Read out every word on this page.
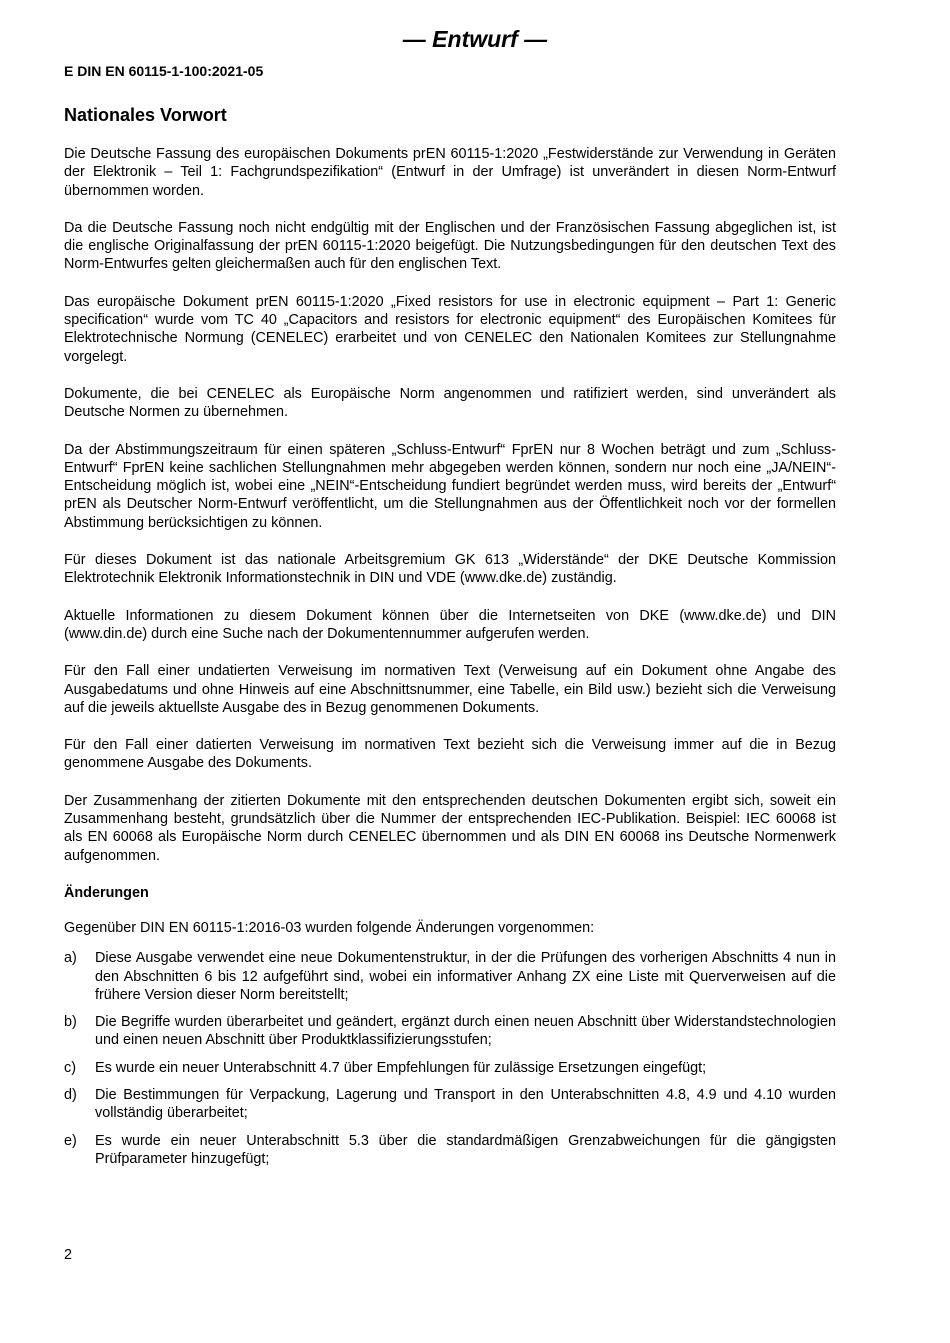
— Entwurf —
E DIN EN 60115-1-100:2021-05
Nationales Vorwort

Die Deutsche Fassung des europäischen Dokuments prEN 60115-1:2020 „Festwiderstände zur Verwendung in Geräten der Elektronik – Teil 1: Fachgrundspezifikation“ (Entwurf in der Umfrage) ist unverändert in diesen Norm-Entwurf übernommen worden.

Da die Deutsche Fassung noch nicht endgültig mit der Englischen und der Französischen Fassung abgeglichen ist, ist die englische Originalfassung der prEN 60115-1:2020 beigefügt. Die Nutzungsbedingungen für den deutschen Text des Norm-Entwurfes gelten gleichermaßen auch für den englischen Text.

Das europäische Dokument prEN 60115-1:2020 „Fixed resistors for use in electronic equipment – Part 1: Generic specification“ wurde vom TC 40 „Capacitors and resistors for electronic equipment“ des Europäischen Komitees für Elektrotechnische Normung (CENELEC) erarbeitet und von CENELEC den Nationalen Komitees zur Stellungnahme vorgelegt.

Dokumente, die bei CENELEC als Europäische Norm angenommen und ratifiziert werden, sind unverändert als Deutsche Normen zu übernehmen.

Da der Abstimmungszeitraum für einen späteren „Schluss-Entwurf“ FprEN nur 8 Wochen beträgt und zum „Schluss-Entwurf“ FprEN keine sachlichen Stellungnahmen mehr abgegeben werden können, sondern nur noch eine „JA/NEIN“-Entscheidung möglich ist, wobei eine „NEIN“-Entscheidung fundiert begründet werden muss, wird bereits der „Entwurf“ prEN als Deutscher Norm-Entwurf veröffentlicht, um die Stellungnahmen aus der Öffentlichkeit noch vor der formellen Abstimmung berücksichtigen zu können.

Für dieses Dokument ist das nationale Arbeitsgremium GK 613 „Widerstände“ der DKE Deutsche Kommission Elektrotechnik Elektronik Informationstechnik in DIN und VDE (www.dke.de) zuständig.

Aktuelle Informationen zu diesem Dokument können über die Internetseiten von DKE (www.dke.de) und DIN (www.din.de) durch eine Suche nach der Dokumentennummer aufgerufen werden.

Für den Fall einer undatierten Verweisung im normativen Text (Verweisung auf ein Dokument ohne Angabe des Ausgabedatums und ohne Hinweis auf eine Abschnittsnummer, eine Tabelle, ein Bild usw.) bezieht sich die Verweisung auf die jeweils aktuellste Ausgabe des in Bezug genommenen Dokuments.

Für den Fall einer datierten Verweisung im normativen Text bezieht sich die Verweisung immer auf die in Bezug genommene Ausgabe des Dokuments.

Der Zusammenhang der zitierten Dokumente mit den entsprechenden deutschen Dokumenten ergibt sich, soweit ein Zusammenhang besteht, grundsätzlich über die Nummer der entsprechenden IEC-Publikation. Beispiel: IEC 60068 ist als EN 60068 als Europäische Norm durch CENELEC übernommen und als DIN EN 60068 ins Deutsche Normenwerk aufgenommen.

Änderungen

Gegenüber DIN EN 60115-1:2016-03 wurden folgende Änderungen vorgenommen:

a)	Diese Ausgabe verwendet eine neue Dokumentenstruktur, in der die Prüfungen des vorherigen Abschnitts 4 nun in den Abschnitten 6 bis 12 aufgeführt sind, wobei ein informativer Anhang ZX eine Liste mit Querverweisen auf die frühere Version dieser Norm bereitstellt;
b)	Die Begriffe wurden überarbeitet und geändert, ergänzt durch einen neuen Abschnitt über Widerstandstechnologien und einen neuen Abschnitt über Produktklassifizierungsstufen;
c)	Es wurde ein neuer Unterabschnitt 4.7 über Empfehlungen für zulässige Ersetzungen eingefügt;
d)	Die Bestimmungen für Verpackung, Lagerung und Transport in den Unterabschnitten 4.8, 4.9 und 4.10 wurden vollständig überarbeitet;
e)	Es wurde ein neuer Unterabschnitt 5.3 über die standardmäßigen Grenzabweichungen für die gängigsten Prüfparameter hinzugefügt;
2
